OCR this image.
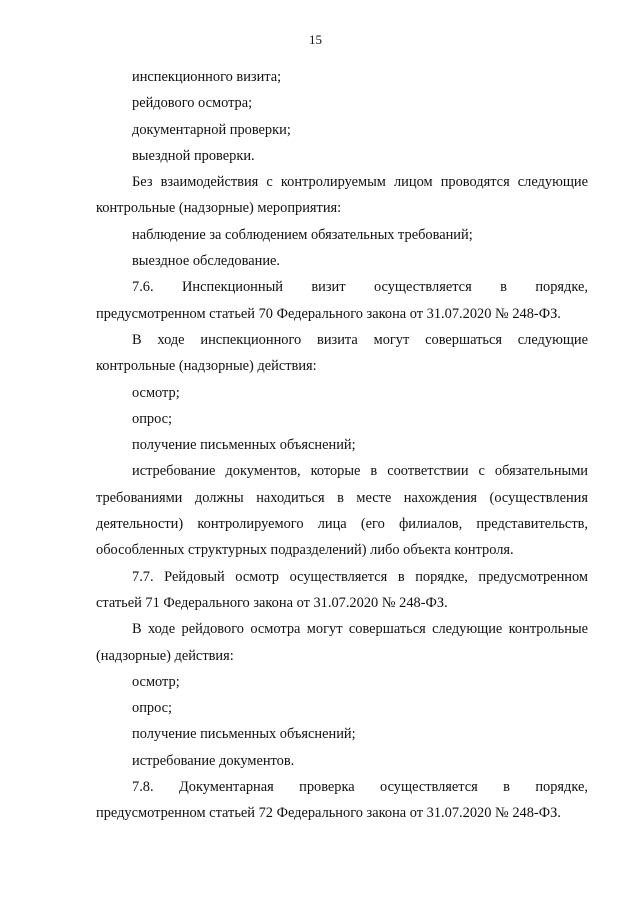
15

инспекционного визита;

рейдового осмотра;

документарной проверки;

выездной проверки.

Без взаимодействия с контролируемым лицом проводятся следующие контрольные (надзорные) мероприятия:

наблюдение за соблюдением обязательных требований;

выездное обследование.

7.6. Инспекционный визит осуществляется в порядке,

предусмотренном статьей 70 Федерального закона от 31.07.2020 № 248-ФЗ.

В ходе инспекционного визита могут совершаться следующие контрольные (надзорные) действия:

осмотр;

опрос;

получение письменных объяснений;

истребование документов, которые в соответствии с обязательными требованиями должны находиться в месте нахождения (осуществления деятельности) контролируемого лица (его филиалов, представительств, обособленных структурных подразделений) либо объекта контроля.

7.7. Рейдовый осмотр осуществляется в порядке, предусмотренном статьей 71 Федерального закона от 31.07.2020 № 248-ФЗ.

В ходе рейдового осмотра могут совершаться следующие контрольные (надзорные) действия:

осмотр;

опрос;

получение письменных объяснений;

истребование документов.

7.8. Документарная проверка осуществляется в порядке,

предусмотренном статьей 72 Федерального закона от 31.07.2020 № 248-ФЗ.
